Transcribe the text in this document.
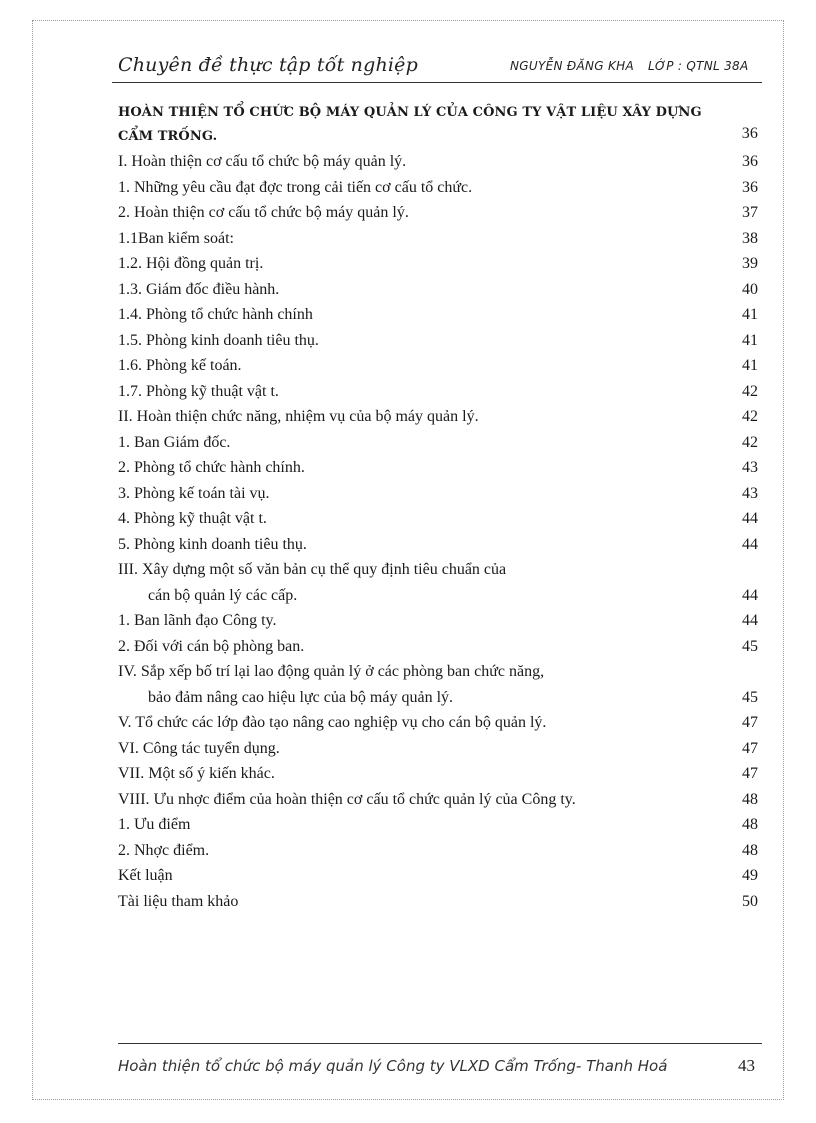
Chuyên đề thực tập tốt nghiệp	NGUYỄN ĐĂNG KHA LỚP : QTNL 38A
HOÀN THIỆN TỔ CHỨC BỘ MÁY QUẢN LÝ CỦA CÔNG TY VẬT LIỆU XÂY DỰNG
CẨM TRỐNG.	36
I. Hoàn thiện cơ cấu tổ chức bộ máy quản lý.	36
1. Những yêu cầu đạt đợc trong cải tiến cơ cấu tổ chức.	36
2. Hoàn thiện cơ cấu tổ chức bộ máy quản lý.	37
1.1Ban kiểm soát:	38
1.2. Hội đồng quản trị.	39
1.3. Giám đốc điều hành.	40
1.4. Phòng tổ chức hành chính	41
1.5. Phòng kinh doanh tiêu thụ.	41
1.6. Phòng kế toán.	41
1.7. Phòng kỹ thuật vật t.	42
II. Hoàn thiện chức năng, nhiệm vụ của bộ máy quản lý.	42
1. Ban Giám đốc.	42
2. Phòng tổ chức hành chính.	43
3. Phòng kế toán tài vụ.	43
4. Phòng kỹ thuật vật t.	44
5. Phòng kinh doanh tiêu thụ.	44
III. Xây dựng một số văn bản cụ thể quy định tiêu chuẩn của
cán bộ quản lý các cấp.	44
1. Ban lãnh đạo Công ty.	44
2. Đối với cán bộ phòng ban.	45
IV. Sắp xếp bố trí lại lao động quản lý ở các phòng ban chức năng,
bảo đảm nâng cao hiệu lực của bộ máy quản lý.	45
V. Tổ chức các lớp đào tạo nâng cao nghiệp vụ cho cán bộ quản lý.	47
VI. Công tác tuyển dụng.	47
VII. Một số ý kiến khác.	47
VIII. Ưu nhợc điểm của hoàn thiện cơ cấu tổ chức quản lý của Công ty.	48
1. Ưu điểm	48
2. Nhợc điểm.	48
Kết luận	49
Tài liệu tham khảo	50
Hoàn thiện tổ chức bộ máy quản lý Công ty VLXD Cẩm Trống- Thanh Hoá	43
